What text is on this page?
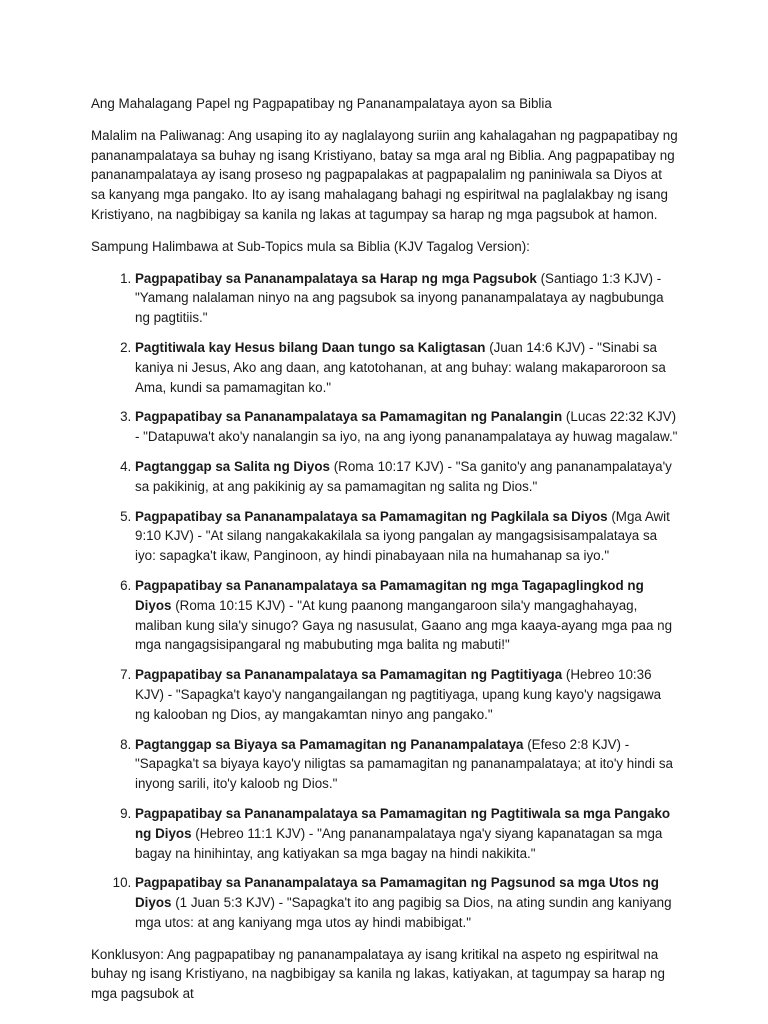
Ang Mahalagang Papel ng Pagpapatibay ng Pananampalataya ayon sa Biblia

Malalim na Paliwanag: Ang usaping ito ay naglalayong suriin ang kahalagahan ng pagpapatibay ng pananampalataya sa buhay ng isang Kristiyano, batay sa mga aral ng Biblia. Ang pagpapatibay ng pananampalataya ay isang proseso ng pagpapalakas at pagpapalalim ng paniniwala sa Diyos at sa kanyang mga pangako. Ito ay isang mahalagang bahagi ng espiritwal na paglalakbay ng isang Kristiyano, na nagbibigay sa kanila ng lakas at tagumpay sa harap ng mga pagsubok at hamon.

Sampung Halimbawa at Sub-Topics mula sa Biblia (KJV Tagalog Version):

1. Pagpapatibay sa Pananampalataya sa Harap ng mga Pagsubok (Santiago 1:3 KJV) - "Yamang nalalaman ninyo na ang pagsubok sa inyong pananampalataya ay nagbubunga ng pagtitiis."
2. Pagtitiwala kay Hesus bilang Daan tungo sa Kaligtasan (Juan 14:6 KJV) - "Sinabi sa kaniya ni Jesus, Ako ang daan, ang katotohanan, at ang buhay: walang makaparoroon sa Ama, kundi sa pamamagitan ko."
3. Pagpapatibay sa Pananampalataya sa Pamamagitan ng Panalangin (Lucas 22:32 KJV) - "Datapuwa't ako'y nanalangin sa iyo, na ang iyong pananampalataya ay huwag magalaw."
4. Pagtanggap sa Salita ng Diyos (Roma 10:17 KJV) - "Sa ganito'y ang pananampalataya'y sa pakikinig, at ang pakikinig ay sa pamamagitan ng salita ng Dios."
5. Pagpapatibay sa Pananampalataya sa Pamamagitan ng Pagkilala sa Diyos (Mga Awit 9:10 KJV) - "At silang nangakakakilala sa iyong pangalan ay mangagsisisampalataya sa iyo: sapagka't ikaw, Panginoon, ay hindi pinabayaan nila na humahanap sa iyo."
6. Pagpapatibay sa Pananampalataya sa Pamamagitan ng mga Tagapaglingkod ng Diyos (Roma 10:15 KJV) - "At kung paanong mangangaroon sila'y mangaghahayag, maliban kung sila'y sinugo? Gaya ng nasusulat, Gaano ang mga kaaya-ayang mga paa ng mga nangagsisipangaral ng mabubuting mga balita ng mabuti!"
7. Pagpapatibay sa Pananampalataya sa Pamamagitan ng Pagtitiyaga (Hebreo 10:36 KJV) - "Sapagka't kayo'y nangangailangan ng pagtitiyaga, upang kung kayo'y nagsigawa ng kalooban ng Dios, ay mangakamtan ninyo ang pangako."
8. Pagtanggap sa Biyaya sa Pamamagitan ng Pananampalataya (Efeso 2:8 KJV) - "Sapagka't sa biyaya kayo'y niligtas sa pamamagitan ng pananampalataya; at ito'y hindi sa inyong sarili, ito'y kaloob ng Dios."
9. Pagpapatibay sa Pananampalataya sa Pamamagitan ng Pagtitiwala sa mga Pangako ng Diyos (Hebreo 11:1 KJV) - "Ang pananampalataya nga'y siyang kapanatagan sa mga bagay na hinihintay, ang katiyakan sa mga bagay na hindi nakikita."
10. Pagpapatibay sa Pananampalataya sa Pamamagitan ng Pagsunod sa mga Utos ng Diyos (1 Juan 5:3 KJV) - "Sapagka't ito ang pagibig sa Dios, na ating sundin ang kaniyang mga utos: at ang kaniyang mga utos ay hindi mabibigat."

Konklusyon: Ang pagpapatibay ng pananampalataya ay isang kritikal na aspeto ng espiritwal na buhay ng isang Kristiyano, na nagbibigay sa kanila ng lakas, katiyakan, at tagumpay sa harap ng mga pagsubok at
